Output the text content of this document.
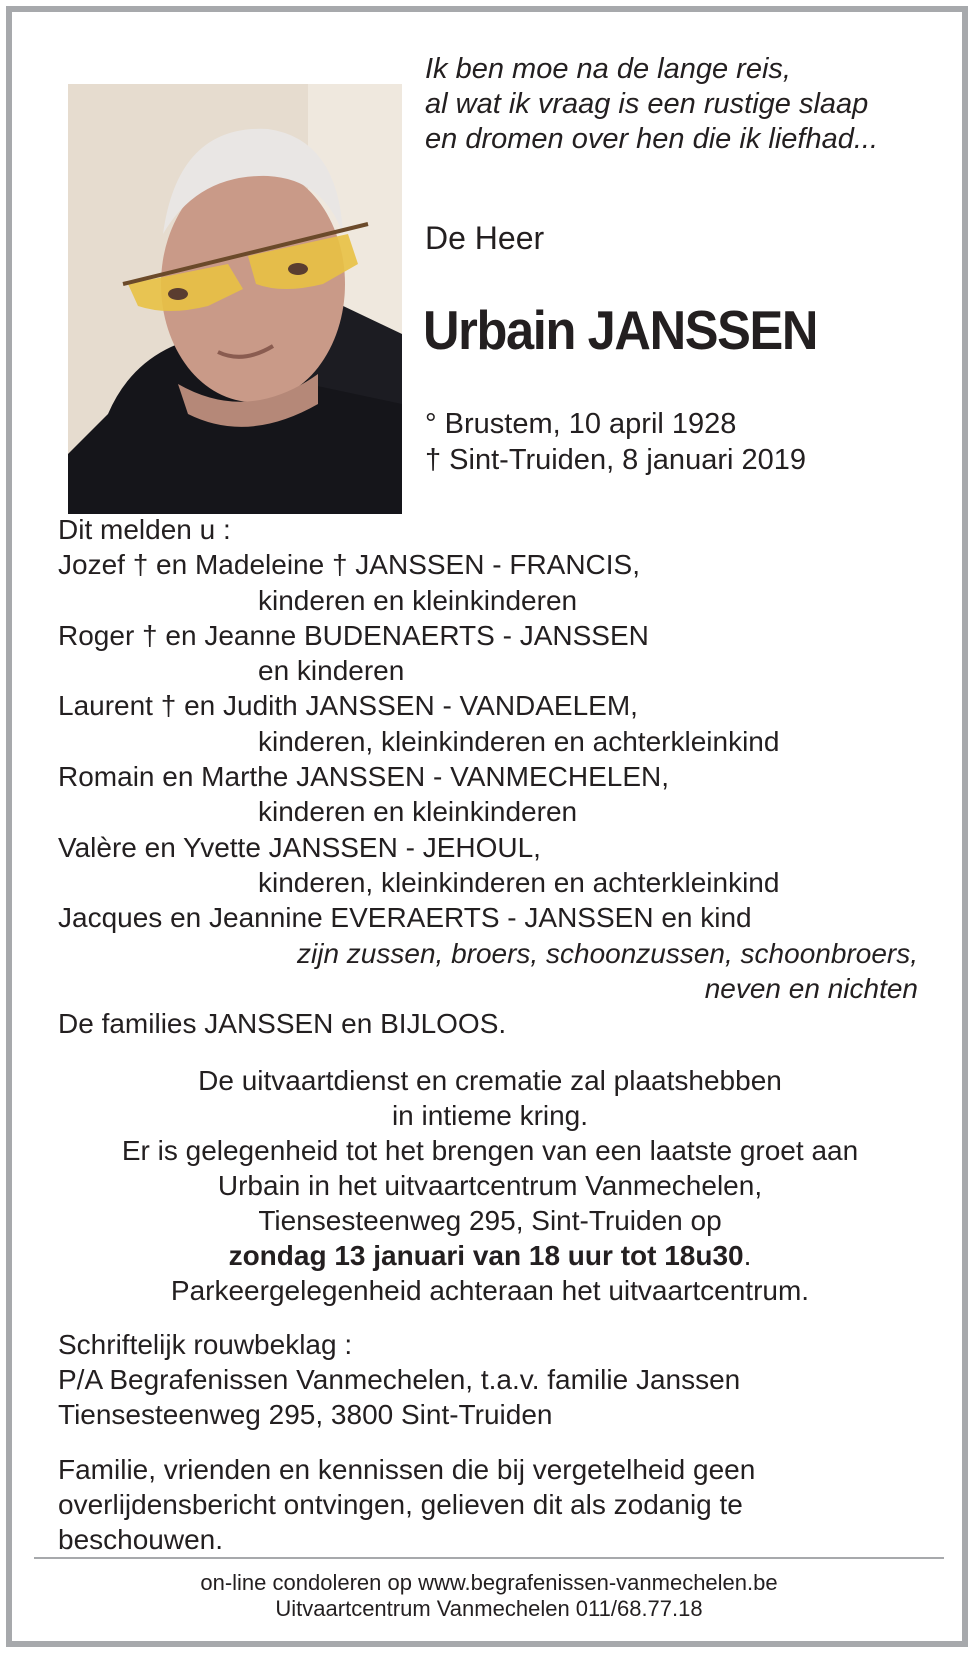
Ik ben moe na de lange reis,
al wat ik vraag is een rustige slaap
en dromen over hen die ik liefhad...
De Heer
Urbain JANSSEN
° Brustem, 10 april 1928
† Sint-Truiden, 8 januari 2019
Dit melden u :
Jozef † en Madeleine † JANSSEN - FRANCIS,
kinderen en kleinkinderen
Roger † en Jeanne BUDENAERTS - JANSSEN
en kinderen
Laurent † en Judith JANSSEN - VANDAELEM,
kinderen, kleinkinderen en achterkleinkind
Romain en Marthe JANSSEN - VANMECHELEN,
kinderen en kleinkinderen
Valère en Yvette JANSSEN - JEHOUL,
kinderen, kleinkinderen en achterkleinkind
Jacques en Jeannine EVERAERTS - JANSSEN en kind
zijn zussen, broers, schoonzussen, schoonbroers,
neven en nichten
De families JANSSEN en BIJLOOS.
De uitvaartdienst en crematie zal plaatshebben
in intieme kring.
Er is gelegenheid tot het brengen van een laatste groet aan
Urbain in het uitvaartcentrum Vanmechelen,
Tiensesteenweg 295, Sint-Truiden op
zondag 13 januari van 18 uur tot 18u30.
Parkeergelegenheid achteraan het uitvaartcentrum.
Schriftelijk rouwbeklag :
P/A Begrafenissen Vanmechelen, t.a.v. familie Janssen
Tiensesteenweg 295, 3800 Sint-Truiden
Familie, vrienden en kennissen die bij vergetelheid geen
overlijdensbericht ontvingen, gelieven dit als zodanig te
beschouwen.
on-line condoleren op www.begrafenissen-vanmechelen.be
Uitvaartcentrum Vanmechelen 011/68.77.18
